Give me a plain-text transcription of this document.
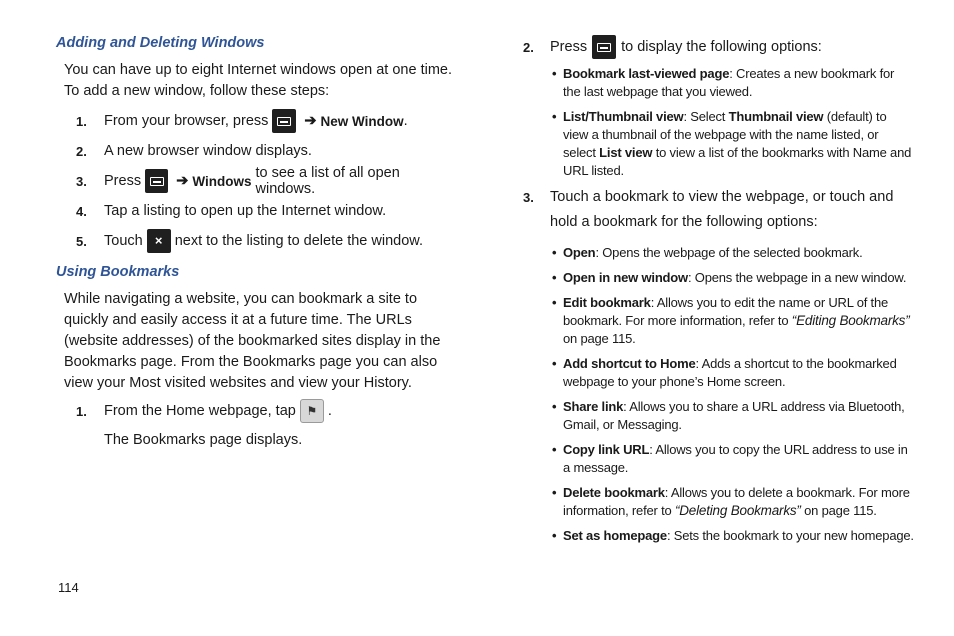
Adding and Deleting Windows

You can have up to eight Internet windows open at one time. To add a new window, follow these steps:

1. From your browser, press ➔ New Window .
2. A new browser window displays.
3. Press ➔ Windows to see a list of all open windows.
4. Tap a listing to open up the Internet window.
5. Touch × next to the listing to delete the window.
Using Bookmarks

While navigating a website, you can bookmark a site to quickly and easily access it at a future time. The URLs (website addresses) of the bookmarked sites display in the Bookmarks page. From the Bookmarks page you can also view your Most visited websites and view your History.

1. From the Home webpage, tap ⚑ .
The Bookmarks page displays.
2. Press to display the following options:
• Bookmark last-viewed page: Creates a new bookmark for the last webpage that you viewed.
• List/Thumbnail view: Select Thumbnail view (default) to view a thumbnail of the webpage with the name listed, or select List view to view a list of the bookmarks with Name and URL listed.
3. Touch a bookmark to view the webpage, or touch and hold a bookmark for the following options:
• Open: Opens the webpage of the selected bookmark.
• Open in new window: Opens the webpage in a new window.
• Edit bookmark: Allows you to edit the name or URL of the bookmark. For more information, refer to “Editing Bookmarks” on page 115.
• Add shortcut to Home: Adds a shortcut to the bookmarked webpage to your phone’s Home screen.
• Share link: Allows you to share a URL address via Bluetooth, Gmail, or Messaging.
• Copy link URL: Allows you to copy the URL address to use in a message.
• Delete bookmark: Allows you to delete a bookmark. For more information, refer to “Deleting Bookmarks” on page 115.
• Set as homepage: Sets the bookmark to your new homepage.
114
